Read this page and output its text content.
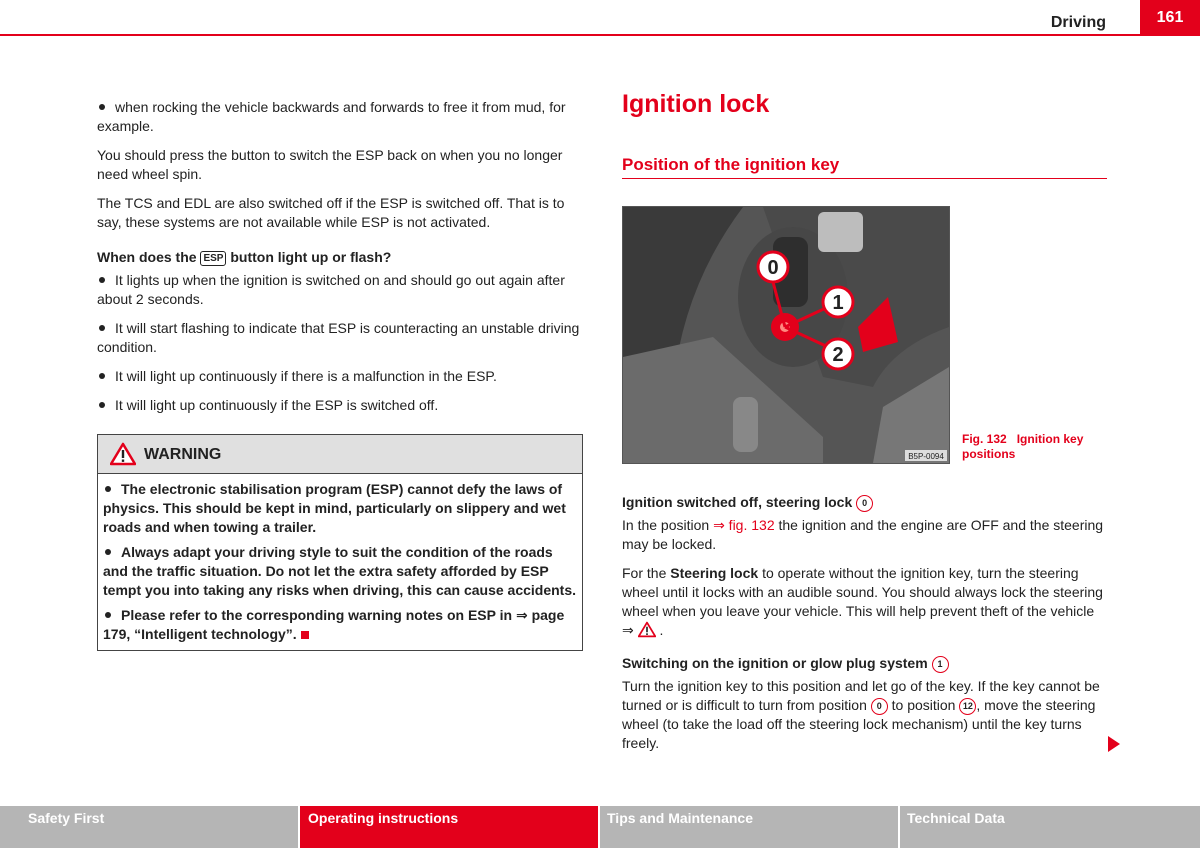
Driving	161

when rocking the vehicle backwards and forwards to free it from mud, for example.

You should press the button to switch the ESP back on when you no longer need wheel spin.

The TCS and EDL are also switched off if the ESP is switched off. That is to say, these systems are not available while ESP is not activated.

When does the ESP button light up or flash?

It lights up when the ignition is switched on and should go out again after about 2 seconds.

It will start flashing to indicate that ESP is counteracting an unstable driving condition.

It will light up continuously if there is a malfunction in the ESP.

It will light up continuously if the ESP is switched off.

WARNING

The electronic stabilisation program (ESP) cannot defy the laws of physics. This should be kept in mind, particularly on slippery and wet roads and when towing a trailer.

Always adapt your driving style to suit the condition of the roads and the traffic situation. Do not let the extra safety afforded by ESP tempt you into taking any risks when driving, this can cause accidents.

Please refer to the corresponding warning notes on ESP in ⇒ page 179, “Intelligent technology”.

Ignition lock
Position of the ignition key
0
1
2
B5P-0094
Fig. 132 Ignition key positions

Ignition switched off, steering lock 0

In the position ⇒ fig. 132 the ignition and the engine are OFF and the steering may be locked.

For the Steering lock to operate without the ignition key, turn the steering wheel until it locks with an audible sound. You should always lock the steering wheel when you leave your vehicle. This will help prevent theft of the vehicle ⇒ .

Switching on the ignition or glow plug system 1

Turn the ignition key to this position and let go of the key. If the key cannot be turned or is difficult to turn from position 0 to position 12 , move the steering wheel (to take the load off the steering lock mechanism) until the key turns freely.

Safety First	Operating instructions	Tips and Maintenance	Technical Data
